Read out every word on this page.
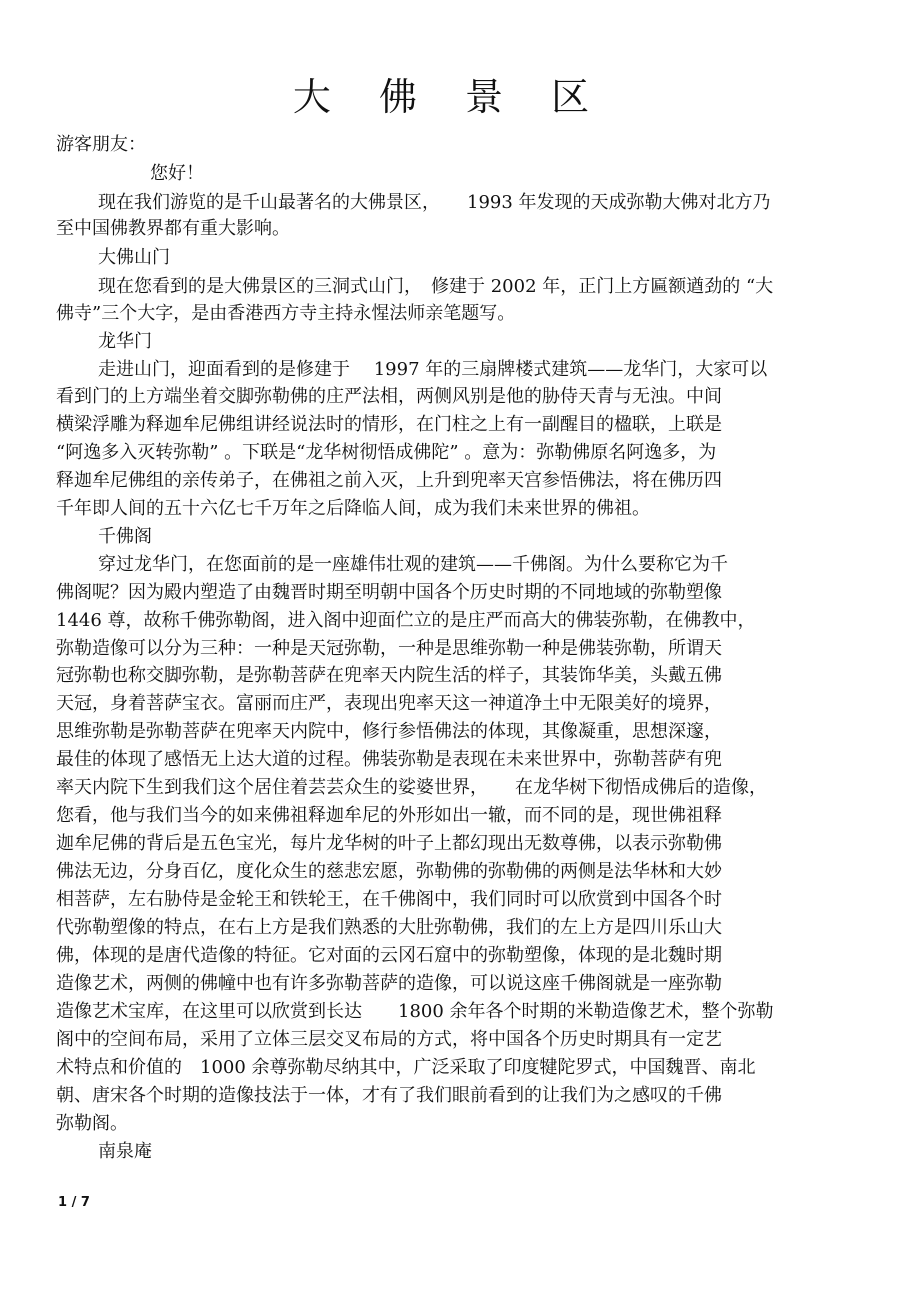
大 佛 景 区
游客朋友：
您好！
现在我们游览的是千山最著名的大佛景区，　　1993 年发现的天成弥勒大佛对北方乃
至中国佛教界都有重大影响。
大佛山门
现在您看到的是大佛景区的三洞式山门，　修建于 2002 年，正门上方匾额遒劲的 “大
佛寺”三个大字，是由香港西方寺主持永惺法师亲笔题写。
龙华门
走进山门，迎面看到的是修建于　 1997 年的三扇牌楼式建筑——龙华门，大家可以
看到门的上方端坐着交脚弥勒佛的庄严法相，两侧风别是他的胁侍天青与无浊。中间
横梁浮雕为释迦牟尼佛组讲经说法时的情形，在门柱之上有一副醒目的楹联，上联是
“阿逸多入灭转弥勒” 。下联是“龙华树彻悟成佛陀” 。意为：弥勒佛原名阿逸多，为
释迦牟尼佛组的亲传弟子，在佛祖之前入灭，上升到兜率天宫参悟佛法，将在佛历四
千年即人间的五十六亿七千万年之后降临人间，成为我们未来世界的佛祖。
千佛阁
穿过龙华门，在您面前的是一座雄伟壮观的建筑——千佛阁。为什么要称它为千
佛阁呢？因为殿内塑造了由魏晋时期至明朝中国各个历史时期的不同地域的弥勒塑像
1446 尊，故称千佛弥勒阁，进入阁中迎面伫立的是庄严而高大的佛装弥勒，在佛教中，
弥勒造像可以分为三种：一种是天冠弥勒，一种是思维弥勒一种是佛装弥勒，所谓天
冠弥勒也称交脚弥勒，是弥勒菩萨在兜率天内院生活的样子，其装饰华美，头戴五佛
天冠，身着菩萨宝衣。富丽而庄严，表现出兜率天这一神道净土中无限美好的境界，
思维弥勒是弥勒菩萨在兜率天内院中，修行参悟佛法的体现，其像凝重，思想深邃，
最佳的体现了感悟无上达大道的过程。佛装弥勒是表现在未来世界中，弥勒菩萨有兜
率天内院下生到我们这个居住着芸芸众生的娑婆世界，　　在龙华树下彻悟成佛后的造像，
您看，他与我们当今的如来佛祖释迦牟尼的外形如出一辙，而不同的是，现世佛祖释
迦牟尼佛的背后是五色宝光，每片龙华树的叶子上都幻现出无数尊佛，以表示弥勒佛
佛法无边，分身百亿，度化众生的慈悲宏愿，弥勒佛的弥勒佛的两侧是法华林和大妙
相菩萨，左右胁侍是金轮王和铁轮王，在千佛阁中，我们同时可以欣赏到中国各个时
代弥勒塑像的特点，在右上方是我们熟悉的大肚弥勒佛，我们的左上方是四川乐山大
佛，体现的是唐代造像的特征。它对面的云冈石窟中的弥勒塑像，体现的是北魏时期
造像艺术，两侧的佛幢中也有许多弥勒菩萨的造像，可以说这座千佛阁就是一座弥勒
造像艺术宝库，在这里可以欣赏到长达　　1800 余年各个时期的米勒造像艺术，整个弥勒
阁中的空间布局，采用了立体三层交叉布局的方式，将中国各个历史时期具有一定艺
术特点和价值的　1000 余尊弥勒尽纳其中，广泛采取了印度犍陀罗式，中国魏晋、南北
朝、唐宋各个时期的造像技法于一体，才有了我们眼前看到的让我们为之感叹的千佛
弥勒阁。
南泉庵
1 / 7
